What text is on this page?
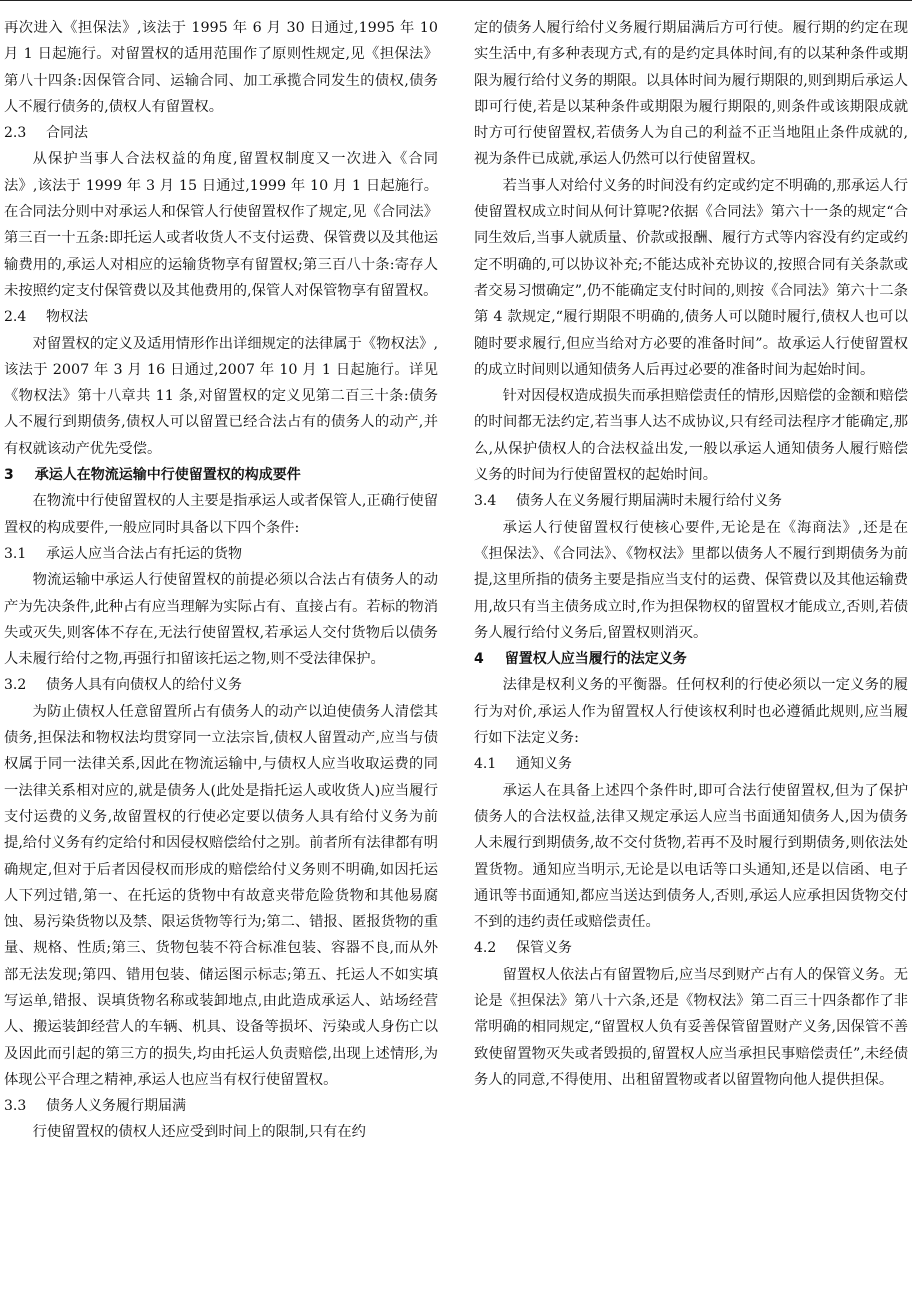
再次进入《担保法》,该法于 1995 年 6 月 30 日通过,1995 年 10 月 1 日起施行。对留置权的适用范围作了原则性规定,见《担保法》第八十四条:因保管合同、运输合同、加工承揽合同发生的债权,债务人不履行债务的,债权人有留置权。

2.3 合同法

从保护当事人合法权益的角度,留置权制度又一次进入《合同法》,该法于 1999 年 3 月 15 日通过,1999 年 10 月 1 日起施行。在合同法分则中对承运人和保管人行使留置权作了规定,见《合同法》第三百一十五条:即托运人或者收货人不支付运费、保管费以及其他运输费用的,承运人对相应的运输货物享有留置权;第三百八十条:寄存人未按照约定支付保管费以及其他费用的,保管人对保管物享有留置权。

2.4 物权法

对留置权的定义及适用情形作出详细规定的法律属于《物权法》,该法于 2007 年 3 月 16 日通过,2007 年 10 月 1 日起施行。详见《物权法》第十八章共 11 条,对留置权的定义见第二百三十条:债务人不履行到期债务,债权人可以留置已经合法占有的债务人的动产,并有权就该动产优先受偿。

3 承运人在物流运输中行使留置权的构成要件

在物流中行使留置权的人主要是指承运人或者保管人,正确行使留置权的构成要件,一般应同时具备以下四个条件:

3.1 承运人应当合法占有托运的货物

物流运输中承运人行使留置权的前提必须以合法占有债务人的动产为先决条件,此种占有应当理解为实际占有、直接占有。若标的物消失或灭失,则客体不存在,无法行使留置权,若承运人交付货物后以债务人未履行给付之物,再强行扣留该托运之物,则不受法律保护。

3.2 债务人具有向债权人的给付义务

为防止债权人任意留置所占有债务人的动产以迫使债务人清偿其债务,担保法和物权法均贯穿同一立法宗旨,债权人留置动产,应当与债权属于同一法律关系,因此在物流运输中,与债权人应当收取运费的同一法律关系相对应的,就是债务人(此处是指托运人或收货人)应当履行支付运费的义务,故留置权的行使必定要以债务人具有给付义务为前提,给付义务有约定给付和因侵权赔偿给付之别。前者所有法律都有明确规定,但对于后者因侵权而形成的赔偿给付义务则不明确,如因托运人下列过错,第一、在托运的货物中有故意夹带危险货物和其他易腐蚀、易污染货物以及禁、限运货物等行为;第二、错报、匿报货物的重量、规格、性质;第三、货物包装不符合标准包装、容器不良,而从外部无法发现;第四、错用包装、储运图示标志;第五、托运人不如实填写运单,错报、误填货物名称或装卸地点,由此造成承运人、站场经营人、搬运装卸经营人的车辆、机具、设备等损坏、污染或人身伤亡以及因此而引起的第三方的损失,均由托运人负责赔偿,出现上述情形,为体现公平合理之精神,承运人也应当有权行使留置权。

3.3 债务人义务履行期届满

行使留置权的债权人还应受到时间上的限制,只有在约

定的债务人履行给付义务履行期届满后方可行使。履行期的约定在现实生活中,有多种表现方式,有的是约定具体时间,有的以某种条件或期限为履行给付义务的期限。以具体时间为履行期限的,则到期后承运人即可行使,若是以某种条件或期限为履行期限的,则条件或该期限成就时方可行使留置权,若债务人为自己的利益不正当地阻止条件成就的,视为条件已成就,承运人仍然可以行使留置权。

若当事人对给付义务的时间没有约定或约定不明确的,那承运人行使留置权成立时间从何计算呢?依据《合同法》第六十一条的规定“合同生效后,当事人就质量、价款或报酬、履行方式等内容没有约定或约定不明确的,可以协议补充;不能达成补充协议的,按照合同有关条款或者交易习惯确定”,仍不能确定支付时间的,则按《合同法》第六十二条第 4 款规定,“履行期限不明确的,债务人可以随时履行,债权人也可以随时要求履行,但应当给对方必要的准备时间”。故承运人行使留置权的成立时间则以通知债务人后再过必要的准备时间为起始时间。

针对因侵权造成损失而承担赔偿责任的情形,因赔偿的金额和赔偿的时间都无法约定,若当事人达不成协议,只有经司法程序才能确定,那么,从保护债权人的合法权益出发,一般以承运人通知债务人履行赔偿义务的时间为行使留置权的起始时间。

3.4 债务人在义务履行期届满时未履行给付义务

承运人行使留置权行使核心要件,无论是在《海商法》,还是在《担保法》、《合同法》、《物权法》里都以债务人不履行到期债务为前提,这里所指的债务主要是指应当支付的运费、保管费以及其他运输费用,故只有当主债务成立时,作为担保物权的留置权才能成立,否则,若债务人履行给付义务后,留置权则消灭。

4 留置权人应当履行的法定义务

法律是权利义务的平衡器。任何权利的行使必须以一定义务的履行为对价,承运人作为留置权人行使该权利时也必遵循此规则,应当履行如下法定义务:

4.1 通知义务

承运人在具备上述四个条件时,即可合法行使留置权,但为了保护债务人的合法权益,法律又规定承运人应当书面通知债务人,因为债务人未履行到期债务,故不交付货物,若再不及时履行到期债务,则依法处置货物。通知应当明示,无论是以电话等口头通知,还是以信函、电子通讯等书面通知,都应当送达到债务人,否则,承运人应承担因货物交付不到的违约责任或赔偿责任。

4.2 保管义务

留置权人依法占有留置物后,应当尽到财产占有人的保管义务。无论是《担保法》第八十六条,还是《物权法》第二百三十四条都作了非常明确的相同规定,“留置权人负有妥善保管留置财产义务,因保管不善致使留置物灭失或者毁损的,留置权人应当承担民事赔偿责任”,未经债务人的同意,不得使用、出租留置物或者以留置物向他人提供担保。
